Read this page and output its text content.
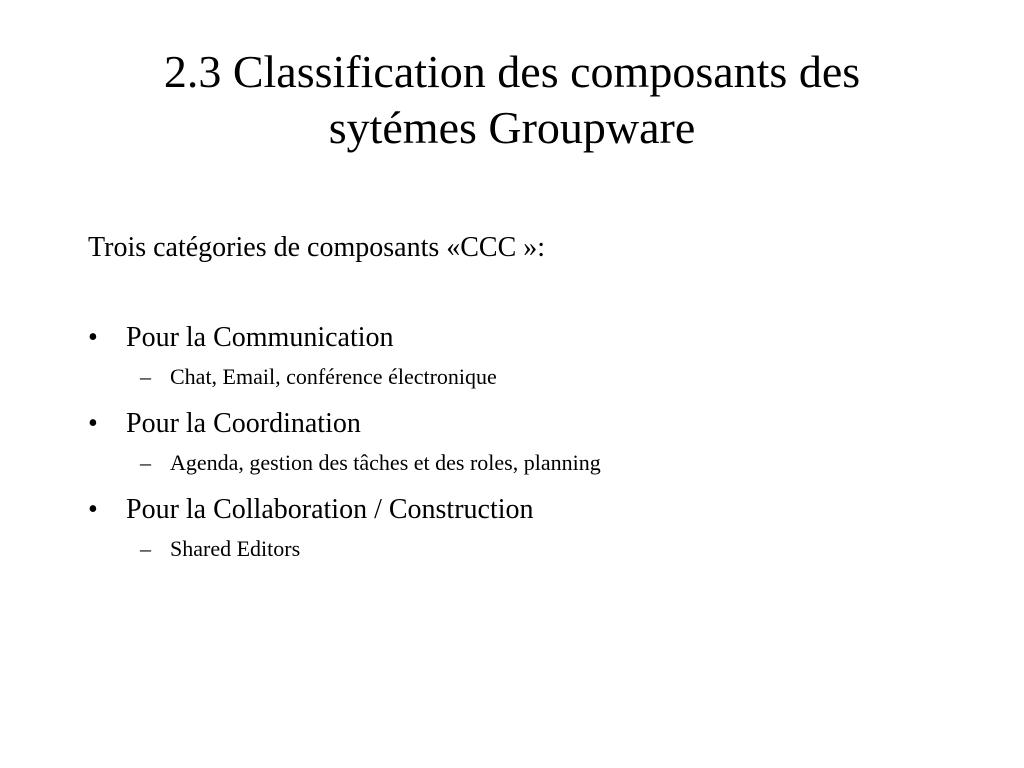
2.3 Classification des composants des
sytémes Groupware

Trois catégories de composants «CCC »:

•	Pour la Communication
– Chat, Email, conférence électronique
•	Pour la Coordination
– Agenda, gestion des tâches et des roles, planning
•	Pour la Collaboration / Construction
– Shared Editors
